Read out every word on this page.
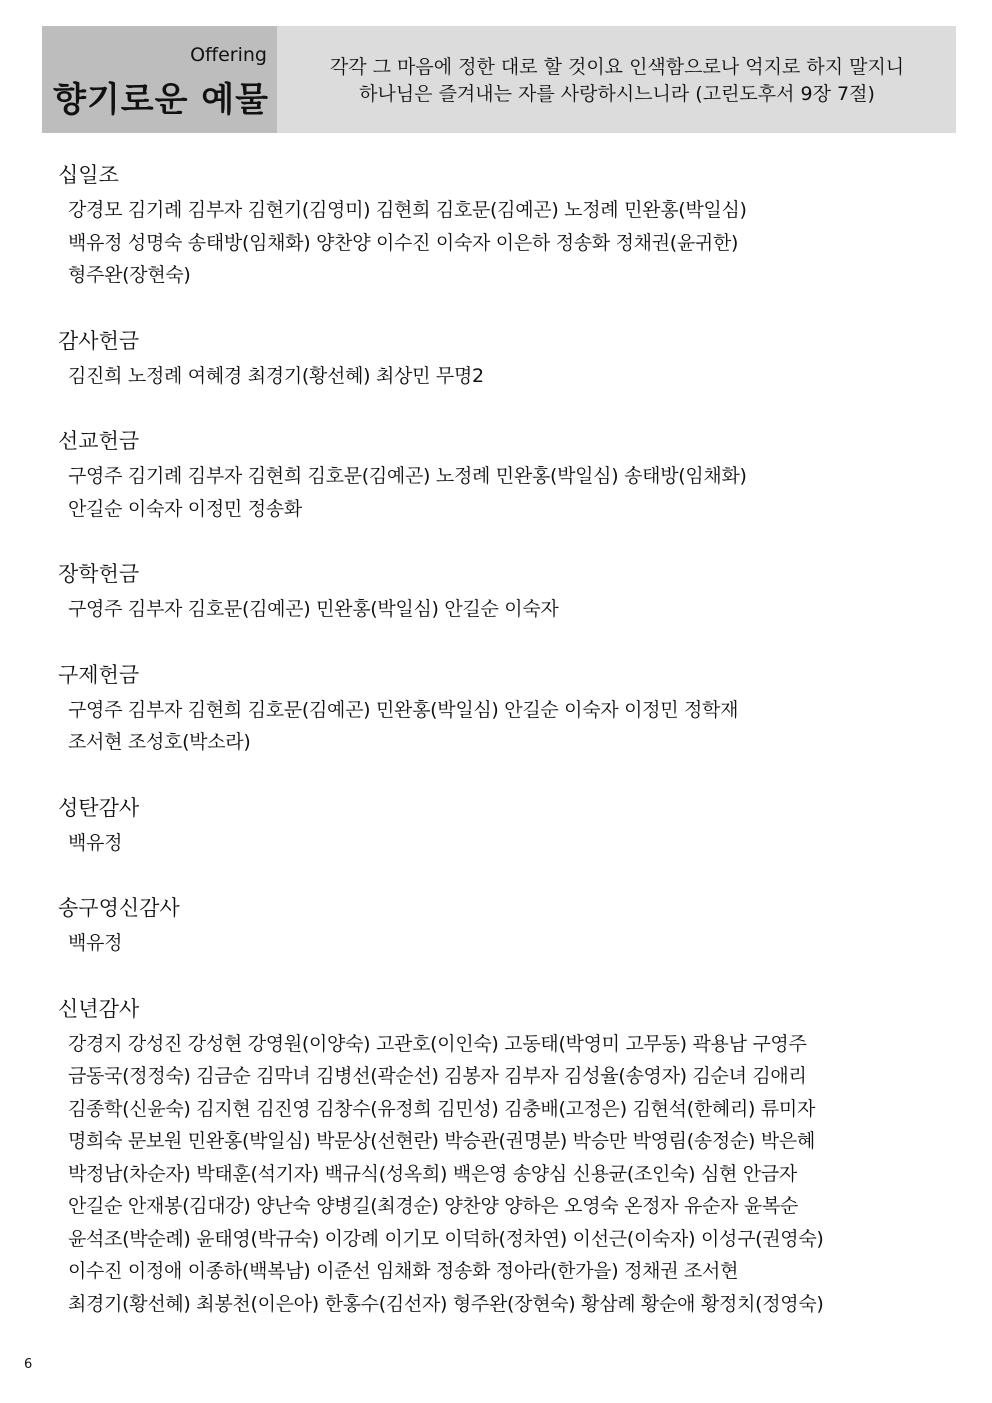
Offering
향기로운 예물
각각 그 마음에 정한 대로 할 것이요 인색함으로나 억지로 하지 말지니
하나님은 즐겨내는 자를 사랑하시느니라 (고린도후서 9장 7절)
십일조
강경모 김기례 김부자 김현기(김영미) 김현희 김호문(김예곤) 노정례 민완홍(박일심)
백유정 성명숙 송태방(임채화) 양찬양 이수진 이숙자 이은하 정송화 정채권(윤귀한)
형주완(장현숙)
감사헌금
김진희 노정례 여혜경 최경기(황선혜) 최상민 무명2
선교헌금
구영주 김기례 김부자 김현희 김호문(김예곤) 노정례 민완홍(박일심) 송태방(임채화)
안길순 이숙자 이정민 정송화
장학헌금
구영주 김부자 김호문(김예곤) 민완홍(박일심) 안길순 이숙자
구제헌금
구영주 김부자 김현희 김호문(김예곤) 민완홍(박일심) 안길순 이숙자 이정민 정학재
조서현 조성호(박소라)
성탄감사
백유정
송구영신감사
백유정
신년감사
강경지 강성진 강성현 강영원(이양숙) 고관호(이인숙) 고동태(박영미 고무동) 곽용남 구영주
금동국(정정숙) 김금순 김막녀 김병선(곽순선) 김봉자 김부자 김성율(송영자) 김순녀 김애리
김종학(신윤숙) 김지현 김진영 김창수(유정희 김민성) 김충배(고정은) 김현석(한혜리) 류미자
명희숙 문보원 민완홍(박일심) 박문상(선현란) 박승관(권명분) 박승만 박영림(송정순) 박은혜
박정남(차순자) 박태훈(석기자) 백규식(성옥희) 백은영 송양심 신용균(조인숙) 심현 안금자
안길순 안재봉(김대강) 양난숙 양병길(최경순) 양찬양 양하은 오영숙 온정자 유순자 윤복순
윤석조(박순례) 윤태영(박규숙) 이강례 이기모 이덕하(정차연) 이선근(이숙자) 이성구(권영숙)
이수진 이정애 이종하(백복남) 이준선 임채화 정송화 정아라(한가을) 정채권 조서현
최경기(황선혜) 최봉천(이은아) 한홍수(김선자) 형주완(장현숙) 황삼례 황순애 황정치(정영숙)
6
